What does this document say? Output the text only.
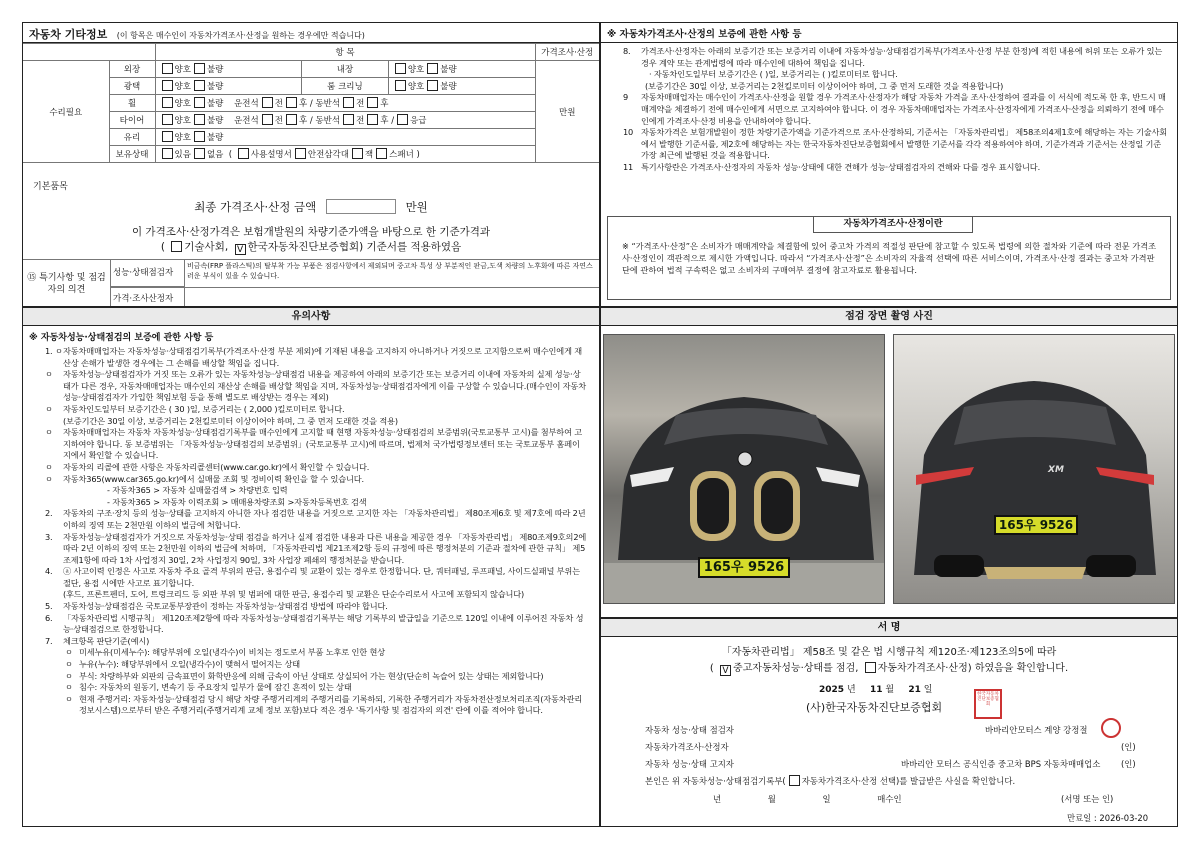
자동차 기타정보 (이 항목은 매수인이 자동차가격조사·산정을 원하는 경우에만 적습니다)
		항 목			가격조사·산정
수리필요	외장	양호 불량	내장	양호 불량	만원
	광택	양호 불량	룸 크리닝	양호 불량	
	휠	양호 불량 운전석 전 후 / 동반석 전 후			
	타이어	양호 불량 운전석 전 후 / 동반석 전 후 / 응급			
	유리	양호 불량			
	보유상태	있음 없음  ( 사용설명서 안전삼각대 잭 스패너 )			
기본품목
최종 가격조사·산정 금액	만원
이 가격조사·산정가격은 보험개발원의 차량기준가액을 바탕으로 한 기준가격과
( 기술사회, V 한국자동차진단보증협회) 기준서를 적용하였음
⑮ 특기사항 및 점검자의 의견
성능·상태점검자
비금속(FRP 플라스틱)의 탈부착 가능 부품은 점검사항에서 제외되며 중고차 특성 상 부분적인 판금,도색 차량의 노후화에 따른 자연스러운 부식이 있을 수 있습니다.
가격·조사산정자
※ 자동차가격조사·산정의 보증에 관한 사항 등
8. 가격조사·산정자는 아래의 보증기간 또는 보증거리 이내에 자동차성능·상태점검기록부(가격조사·산정 부분 한정)에 적힌 내용에 허위 또는 오류가 있는 경우 계약 또는 관계법령에 따라 매수인에 대하여 책임을 집니다.
· 자동차인도일부터 보증기간은 ( )일, 보증거리는 ( )킬로미터로 합니다.
(보증기간은 30일 이상, 보증거리는 2천킬로미터 이상이어야 하며, 그 중 먼저 도래한 것을 적용합니다)
9 자동차매매업자는 매수인이 가격조사·산정을 원할 경우 가격조사·산정자가 해당 자동차 가격을 조사·산정하여 결과를 이 서식에 적도록 한 후, 반드시 매매계약을 체결하기 전에 매수인에게 서면으로 고지하여야 합니다. 이 경우 자동차매매업자는 가격조사·산정자에게 가격조사·산정을 의뢰하기 전에 매수인에게 가격조사·산정 비용을 안내하여야 합니다.
10 자동차가격은 보험개발원이 정한 차량기준가액을 기준가격으로 조사·산정하되, 기준서는 「자동차관리법」 제58조의4제1호에 해당하는 자는 기술사회에서 발행한 기준서를, 제2호에 해당하는 자는 한국자동차진단보증협회에서 발행한 기준서를 각각 적용하여야 하며, 기준가격과 기준서는 산정일 기준 가장 최근에 발행된 것을 적용합니다.
11 특기사항란은 가격조사·산정자의 자동차 성능·상태에 대한 견해가 성능·상태점검자의 견해와 다를 경우 표시합니다.
자동차가격조사·산정이란
※ “가격조사·산정”은 소비자가 매매계약을 체결함에 있어 중고차 가격의 적절성 판단에 참고할 수 있도록 법령에 의한 절차와 기준에 따라 전문 가격조사·산정인이 객관적으로 제시한 가액입니다. 따라서 “가격조사·산정”은 소비자의 자율적 선택에 따른 서비스이며, 가격조사·산정 결과는 중고차 가격판단에 관하여 법적 구속력은 없고 소비자의 구매여부 결정에 참고자료로 활용됩니다.
유의사항
※ 자동차성능·상태점검의 보증에 관한 사항 등
1. ㅇ 자동차매매업자는 자동차성능·상태점검기록부(가격조사·산정 부분 제외)에 기재된 내용을 고지하지 아니하거나 거짓으로 고지함으로써 매수인에게 재산상 손해가 발생한 경우에는 그 손해를 배상할 책임을 집니다.
ㅇ 자동차성능·상태점검자가 거짓 또는 오류가 있는 자동차성능·상태점검 내용을 제공하여 아래의 보증기간 또는 보증거리 이내에 자동차의 실제 성능·상태가 다른 경우, 자동차매매업자는 매수인의 재산상 손해를 배상할 책임을 지며, 자동차성능·상태점검자에게 이를 구상할 수 있습니다.(매수인이 자동차성능·상태점검자가 가입한 책임보험 등을 통해 별도로 배상받는 경우는 제외)
ㅇ 자동차인도일부터 보증기간은 ( 30 )일, 보증거리는 ( 2,000 )킬로미터로 합니다.
(보증기간은 30일 이상, 보증거리는 2천킬로미터 이상이어야 하며, 그 중 먼저 도래한 것을 적용)
ㅇ 자동차매매업자는 자동차 자동차성능·상태점검기록부를 매수인에게 고지할 때 현행 자동차성능·상태점검의 보증범위(국토교통부 고시)를 첨부하여 고지하여야 합니다. 동 보증범위는 「자동차성능·상태점검의 보증범위」(국토교통부 고시)에 따르며, 법제처 국가법령정보센터 또는 국토교통부 홈페이지에서 확인할 수 있습니다.
ㅇ 자동차의 리콜에 관한 사항은 자동차리콜센터(www.car.go.kr)에서 확인할 수 있습니다.
ㅇ 자동차365(www.car365.go.kr)에서 실매물 조회 및 정비이력 확인을 할 수 있습니다.
- 자동차365 > 자동차 실매물검색 > 차량번호 입력
- 자동차365 > 자동차 이력조회 > 매매용차량조회 >자동차등록번호 검색
2. 자동차의 구조·장치 등의 성능·상태를 고지하지 아니한 자나 점검한 내용을 거짓으로 고지한 자는 「자동차관리법」 제80조제6호 및 제7호에 따라 2년 이하의 징역 또는 2천만원 이하의 벌금에 처합니다.
3. 자동차성능·상태점검자가 거짓으로 자동차성능·상태 점검을 하거나 실제 점검한 내용과 다른 내용을 제공한 경우 「자동차관리법」 제80조제9호의2에 따라 2년 이하의 징역 또는 2천만원 이하의 벌금에 처하며, 「자동차관리법 제21조제2항 등의 규정에 따른 행정처분의 기준과 절차에 관한 규칙」 제5조제1항에 따라 1차 사업정지 30일, 2차 사업정지 90일, 3차 사업장 폐쇄의 행정처분을 받습니다.
4. ⓐ 사고이력 인정은 사고로 자동차 주요 골격 부위의 판금, 용접수리 및 교환이 있는 경우로 한정합니다. 단, 쿼터패널, 루프패널, 사이드실패널 부위는 절단, 용접 시에만 사고로 표기합니다.
(후드, 프론트펜더, 도어, 트렁크리드 등 외판 부위 및 범퍼에 대한 판금, 용접수리 및 교환은 단순수리로서 사고에 포함되지 않습니다)
5. 자동차성능·상태점검은 국토교통부장관이 정하는 자동차성능·상태점검 방법에 따라야 합니다.
6. 「자동차관리법 시행규칙」 제120조제2항에 따라 자동차성능·상태점검기록부는 해당 기록부의 발급일을 기준으로 120일 이내에 이루어진 자동차 성능·상태점검으로 한정합니다.
7. 체크항목 판단기준(예시)
ㅇ 미세누유(미세누수): 해당부위에 오일(냉각수)이 비치는 정도로서 부품 노후로 인한 현상
ㅇ 누유(누수): 해당부위에서 오일(냉각수)이 맺혀서 떨어지는 상태
ㅇ 부식: 차량하부와 외판의 금속표면이 화학반응에 의해 금속이 아닌 상태로 상실되어 가는 현상(단순히 녹슬어 있는 상태는 제외합니다)
ㅇ 침수: 자동차의 원동기, 변속기 등 주요장치 일부가 물에 잠긴 흔적이 있는 상태
ㅇ 현재 주행거리: 자동차성능·상태점검 당시 해당 차량 주행거리계의 주행거리를 기록하되, 기록한 주행거리가 자동차전산정보처리조직(자동차관리정보시스템)으로부터 받은 주행거리(주행거리계 교체 정보 포함)보다 적은 경우 '특기사항 및 점검자의 의견' 란에 이를 적어야 합니다.
점검 장면 촬영 사진
165우 9526
XM
165우 9526
서 명
「자동차관리법」 제58조 및 같은 법 시행규칙 제120조·제123조의5에 따라
( V 중고자동차성능·상태를 점검, 자동차가격조사·산정) 하였음을 확인합니다.
2025 년 11 월 21 일
(사)한국자동차진단보증협회
한국자동차진단보증협회
자동차 성능·상태 점검자	바바리안모터스 계양 강정절
자동차가격조사·산정자	(인)
자동차 성능·상태 고지자	바바리안 모터스 공식인증 중고차 BPS 자동차매매업소 (인)
본인은 위 자동차성능·상태점검기록부( 자동차가격조사·산정 선택)를 발급받은 사실을 확인합니다.
년	월	일	매수인	(서명 또는 인)
만료일 : 2026-03-20
